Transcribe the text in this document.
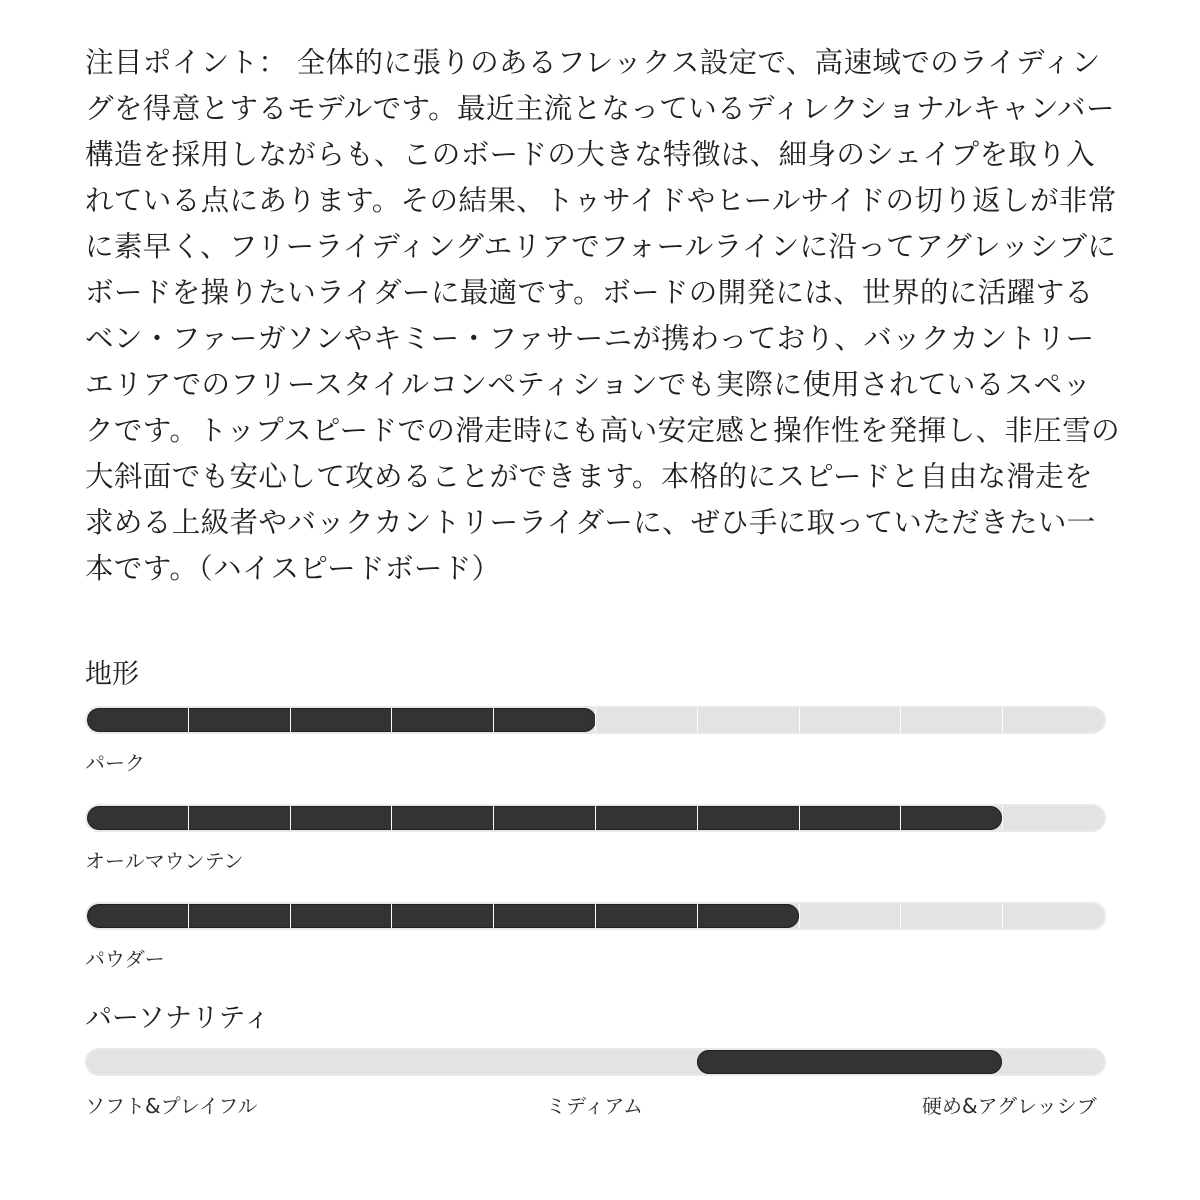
注目ポイント： 全体的に張りのあるフレックス設定で、高速域でのライディングを得意とするモデルです。最近主流となっているディレクショナルキャンバー構造を採用しながらも、このボードの大きな特徴は、細身のシェイプを取り入れている点にあります。その結果、トゥサイドやヒールサイドの切り返しが非常に素早く、フリーライディングエリアでフォールラインに沿ってアグレッシブにボードを操りたいライダーに最適です。ボードの開発には、世界的に活躍するベン・ファーガソンやキミー・ファサーニが携わっており、バックカントリーエリアでのフリースタイルコンペティションでも実際に使用されているスペックです。トップスピードでの滑走時にも高い安定感と操作性を発揮し、非圧雪の大斜面でも安心して攻めることができます。本格的にスピードと自由な滑走を求める上級者やバックカントリーライダーに、ぜひ手に取っていただきたい一本です。（ハイスピードボード）

地形

パーク

オールマウンテン

パウダー

パーソナリティ

ソフト&プレイフル	ミディアム	硬め&アグレッシブ
